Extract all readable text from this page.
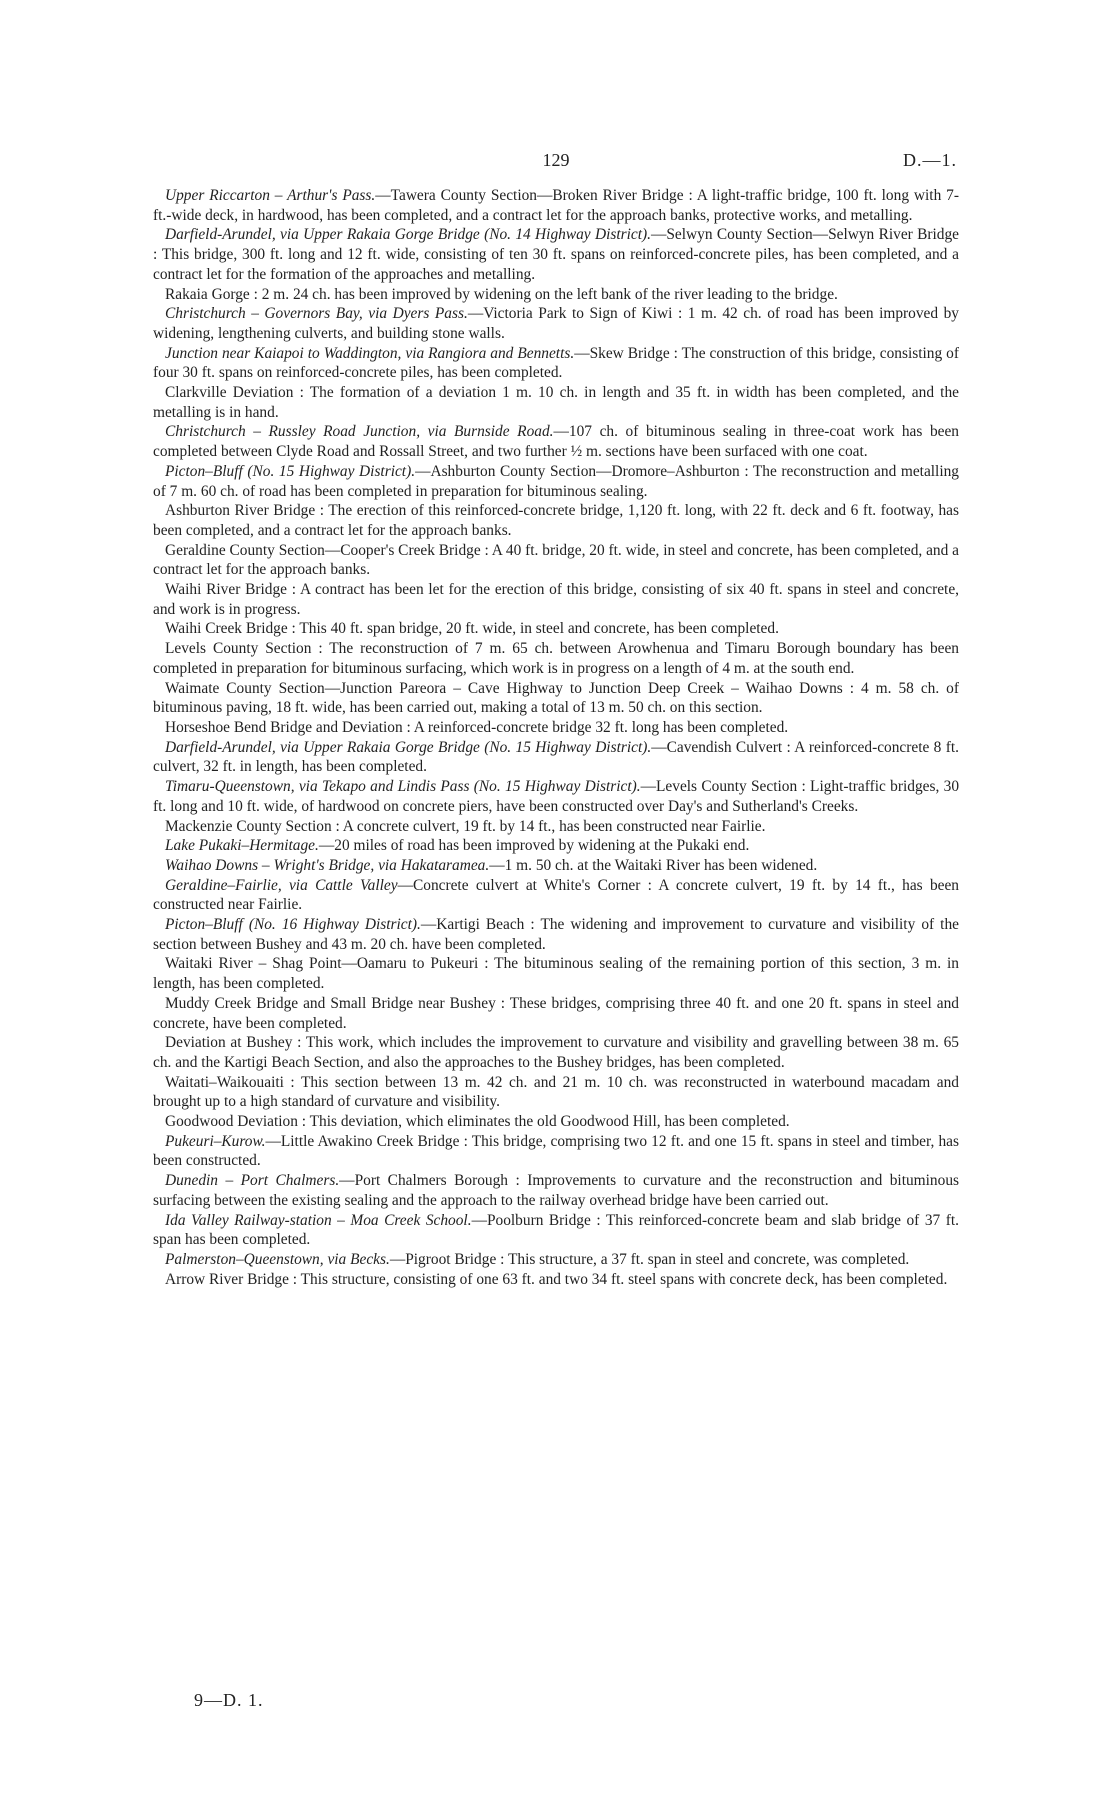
129	D.—1.

Upper Riccarton – Arthur's Pass.—Tawera County Section—Broken River Bridge : A light-traffic bridge, 100 ft. long with 7-ft.-wide deck, in hardwood, has been completed, and a contract let for the approach banks, protective works, and metalling.

Darfield-Arundel, via Upper Rakaia Gorge Bridge (No. 14 Highway District).—Selwyn County Section—Selwyn River Bridge : This bridge, 300 ft. long and 12 ft. wide, consisting of ten 30 ft. spans on reinforced-concrete piles, has been completed, and a contract let for the formation of the approaches and metalling.

Rakaia Gorge : 2 m. 24 ch. has been improved by widening on the left bank of the river leading to the bridge.

Christchurch – Governors Bay, via Dyers Pass.—Victoria Park to Sign of Kiwi : 1 m. 42 ch. of road has been improved by widening, lengthening culverts, and building stone walls.

Junction near Kaiapoi to Waddington, via Rangiora and Bennetts.—Skew Bridge : The construction of this bridge, consisting of four 30 ft. spans on reinforced-concrete piles, has been completed.

Clarkville Deviation : The formation of a deviation 1 m. 10 ch. in length and 35 ft. in width has been completed, and the metalling is in hand.

Christchurch – Russley Road Junction, via Burnside Road.—107 ch. of bituminous sealing in three-coat work has been completed between Clyde Road and Rossall Street, and two further ½ m. sections have been surfaced with one coat.

Picton–Bluff (No. 15 Highway District).—Ashburton County Section—Dromore–Ashburton : The reconstruction and metalling of 7 m. 60 ch. of road has been completed in preparation for bituminous sealing.

Ashburton River Bridge : The erection of this reinforced-concrete bridge, 1,120 ft. long, with 22 ft. deck and 6 ft. footway, has been completed, and a contract let for the approach banks.

Geraldine County Section—Cooper's Creek Bridge : A 40 ft. bridge, 20 ft. wide, in steel and concrete, has been completed, and a contract let for the approach banks.

Waihi River Bridge : A contract has been let for the erection of this bridge, consisting of six 40 ft. spans in steel and concrete, and work is in progress.

Waihi Creek Bridge : This 40 ft. span bridge, 20 ft. wide, in steel and concrete, has been completed.

Levels County Section : The reconstruction of 7 m. 65 ch. between Arowhenua and Timaru Borough boundary has been completed in preparation for bituminous surfacing, which work is in progress on a length of 4 m. at the south end.

Waimate County Section—Junction Pareora – Cave Highway to Junction Deep Creek – Waihao Downs : 4 m. 58 ch. of bituminous paving, 18 ft. wide, has been carried out, making a total of 13 m. 50 ch. on this section.

Horseshoe Bend Bridge and Deviation : A reinforced-concrete bridge 32 ft. long has been completed.

Darfield-Arundel, via Upper Rakaia Gorge Bridge (No. 15 Highway District).—Cavendish Culvert : A reinforced-concrete 8 ft. culvert, 32 ft. in length, has been completed.

Timaru-Queenstown, via Tekapo and Lindis Pass (No. 15 Highway District).—Levels County Section : Light-traffic bridges, 30 ft. long and 10 ft. wide, of hardwood on concrete piers, have been constructed over Day's and Sutherland's Creeks.

Mackenzie County Section : A concrete culvert, 19 ft. by 14 ft., has been constructed near Fairlie.

Lake Pukaki–Hermitage.—20 miles of road has been improved by widening at the Pukaki end.

Waihao Downs – Wright's Bridge, via Hakataramea.—1 m. 50 ch. at the Waitaki River has been widened.

Geraldine–Fairlie, via Cattle Valley—Concrete culvert at White's Corner : A concrete culvert, 19 ft. by 14 ft., has been constructed near Fairlie.

Picton–Bluff (No. 16 Highway District).—Kartigi Beach : The widening and improvement to curvature and visibility of the section between Bushey and 43 m. 20 ch. have been completed.

Waitaki River – Shag Point—Oamaru to Pukeuri : The bituminous sealing of the remaining portion of this section, 3 m. in length, has been completed.

Muddy Creek Bridge and Small Bridge near Bushey : These bridges, comprising three 40 ft. and one 20 ft. spans in steel and concrete, have been completed.

Deviation at Bushey : This work, which includes the improvement to curvature and visibility and gravelling between 38 m. 65 ch. and the Kartigi Beach Section, and also the approaches to the Bushey bridges, has been completed.

Waitati–Waikouaiti : This section between 13 m. 42 ch. and 21 m. 10 ch. was reconstructed in waterbound macadam and brought up to a high standard of curvature and visibility.

Goodwood Deviation : This deviation, which eliminates the old Goodwood Hill, has been completed.

Pukeuri–Kurow.—Little Awakino Creek Bridge : This bridge, comprising two 12 ft. and one 15 ft. spans in steel and timber, has been constructed.

Dunedin – Port Chalmers.—Port Chalmers Borough : Improvements to curvature and the reconstruction and bituminous surfacing between the existing sealing and the approach to the railway overhead bridge have been carried out.

Ida Valley Railway-station – Moa Creek School.—Poolburn Bridge : This reinforced-concrete beam and slab bridge of 37 ft. span has been completed.

Palmerston–Queenstown, via Becks.—Pigroot Bridge : This structure, a 37 ft. span in steel and concrete, was completed.

Arrow River Bridge : This structure, consisting of one 63 ft. and two 34 ft. steel spans with concrete deck, has been completed.

9—D. 1.
